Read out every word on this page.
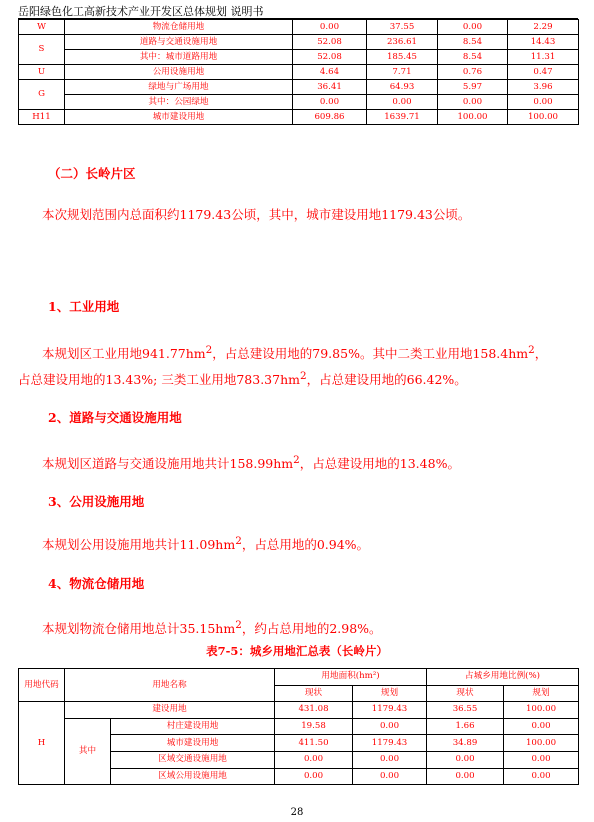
岳阳绿色化工高新技术产业开发区总体规划 说明书
W	物流仓储用地	0.00	37.55	0.00	2.29
S	道路与交通设施用地	52.08	236.61	8.54	14.43
	其中：城市道路用地	52.08	185.45	8.54	11.31
U	公用设施用地	4.64	7.71	0.76	0.47
G	绿地与广场用地	36.41	64.93	5.97	3.96
	其中：公园绿地	0.00	0.00	0.00	0.00
H11	城市建设用地	609.86	1639.71	100.00	100.00
（二）长岭片区
本次规划范围内总面积约1179.43公顷，其中，城市建设用地1179.43公顷。
1、工业用地
本规划区工业用地$941.77hm^2$，占总建设用地的79.85%。其中二类工业用地$158.4hm^2$，
占总建设用地的13.43%; 三类工业用地$783.37hm^2$，占总建设用地的66.42%。
2、道路与交通设施用地
本规划区道路与交通设施用地共计$158.99hm^2$，占总建设用地的13.48%。
3、公用设施用地
本规划公用设施用地共计$11.09hm^2$，占总用地的0.94%。
4、物流仓储用地
本规划物流仓储用地总计$35.15hm^2$，约占总用地的2.98%。
表7-5：城乡用地汇总表（长岭片）
用地代码	用地名称		用地面积(hm²)		占城乡用地比例(%)	
			现状	规划	现状	规划
H	建设用地		431.08	1179.43	36.55	100.00
	其中	村庄建设用地	19.58	0.00	1.66	0.00
		城市建设用地	411.50	1179.43	34.89	100.00
		区域交通设施用地	0.00	0.00	0.00	0.00
		区域公用设施用地	0.00	0.00	0.00	0.00
28
